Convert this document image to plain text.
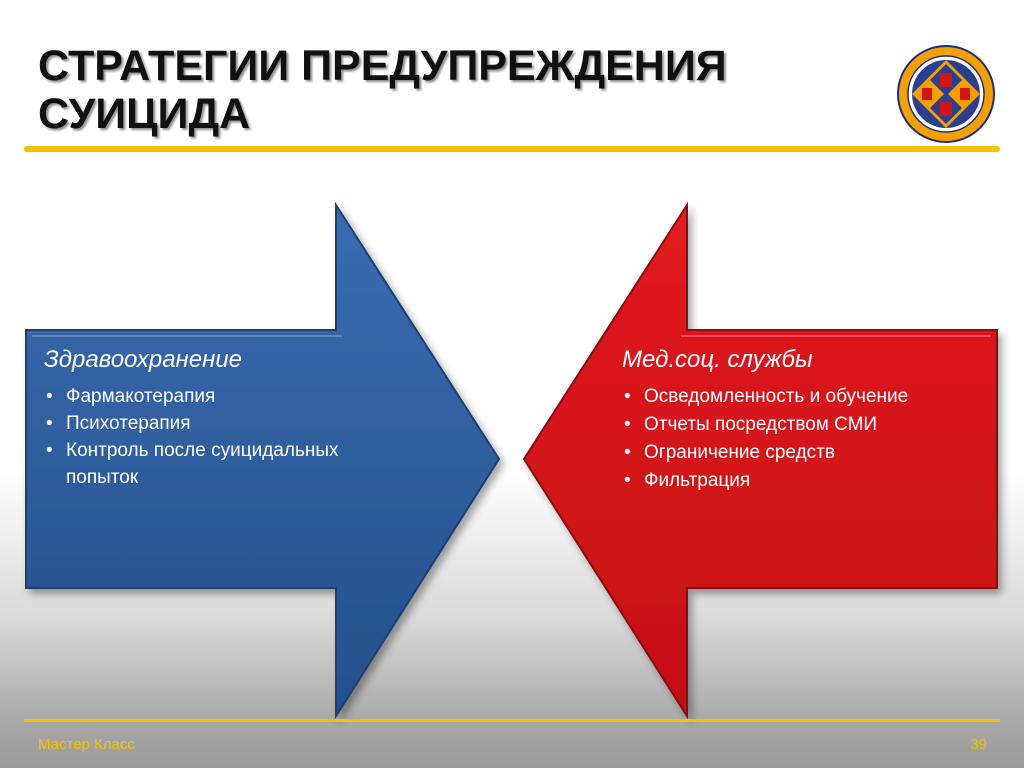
СТРАТЕГИИ ПРЕДУПРЕЖДЕНИЯ СУИЦИДА
Здравоохранение
• Фармакотерапия
• Психотерапия
• Контроль после суицидальных попыток
Мед.соц. службы
• Осведомленность и обучение
• Отчеты посредством СМИ
• Ограничение средств
• Фильтрация
Мастер Класс	39
